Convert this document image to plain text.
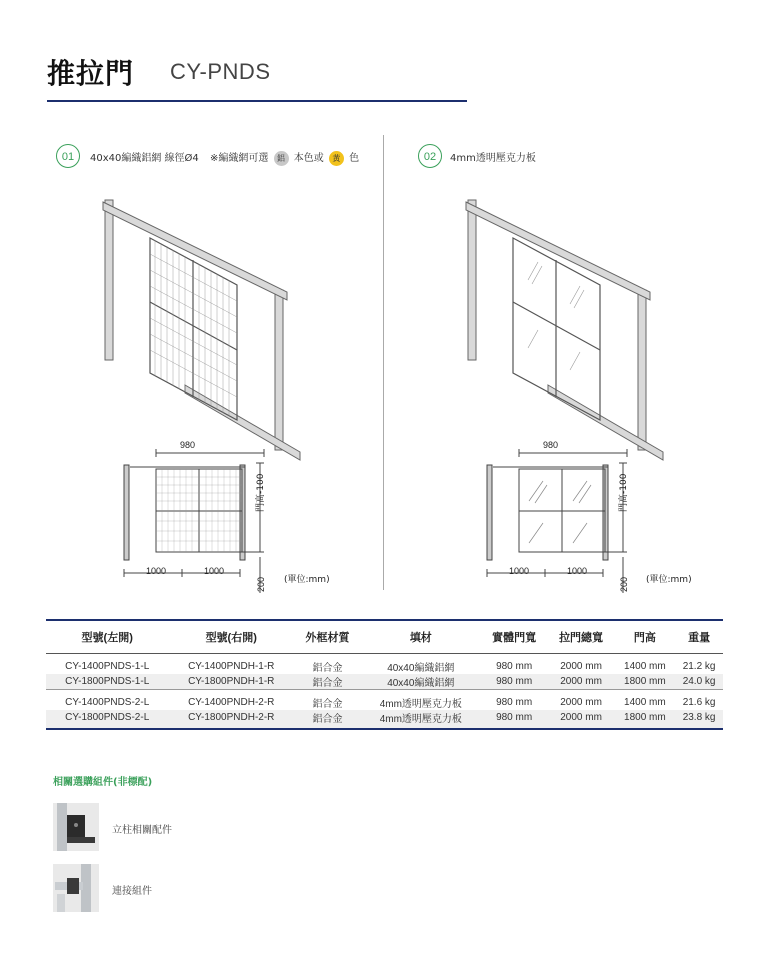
推拉門 CY-PNDS
01	40x40編織鋁網 線徑Ø4 ※編織網可選 鋁 本色或 黃 色	02	4mm透明壓克力板
980
門高-100
1000	1000
200 (單位:mm)
980
門高-100
1000	1000
200 (單位:mm)
型號(左開)	型號(右開)	外框材質	填材	實體門寬	拉門總寬	門高	重量
CY-1400PNDS-1-L	CY-1400PNDH-1-R	鋁合金	40x40編織鋁網	980 mm	2000 mm	1400 mm	21.2 kg
CY-1800PNDS-1-L	CY-1800PNDH-1-R	鋁合金	40x40編織鋁網	980 mm	2000 mm	1800 mm	24.0 kg
CY-1400PNDS-2-L	CY-1400PNDH-2-R	鋁合金	4mm透明壓克力板	980 mm	2000 mm	1400 mm	21.6 kg
CY-1800PNDS-2-L	CY-1800PNDH-2-R	鋁合金	4mm透明壓克力板	980 mm	2000 mm	1800 mm	23.8 kg
相關選購組件(非標配)
立柱相關配件
連接組件
